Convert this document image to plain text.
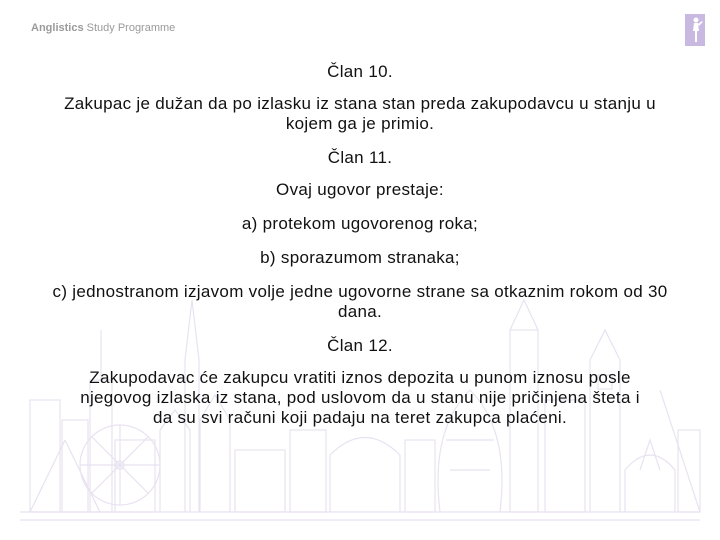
Anglistics Study Programme

Član 10.

Zakupac je dužan da po izlasku iz stana stan preda zakupodavcu u stanju u kojem ga je primio.

Član 11.

Ovaj ugovor prestaje:

a) protekom ugovorenog roka;

b) sporazumom stranaka;

c) jednostranom izjavom volje jedne ugovorne strane sa otkaznim rokom od 30 dana.

Član 12.

Zakupodavac će zakupcu vratiti iznos depozita u punom iznosu posle njegovog izlaska iz stana, pod uslovom da u stanu nije pričinjena šteta i da su svi računi koji padaju na teret zakupca plaćeni.
